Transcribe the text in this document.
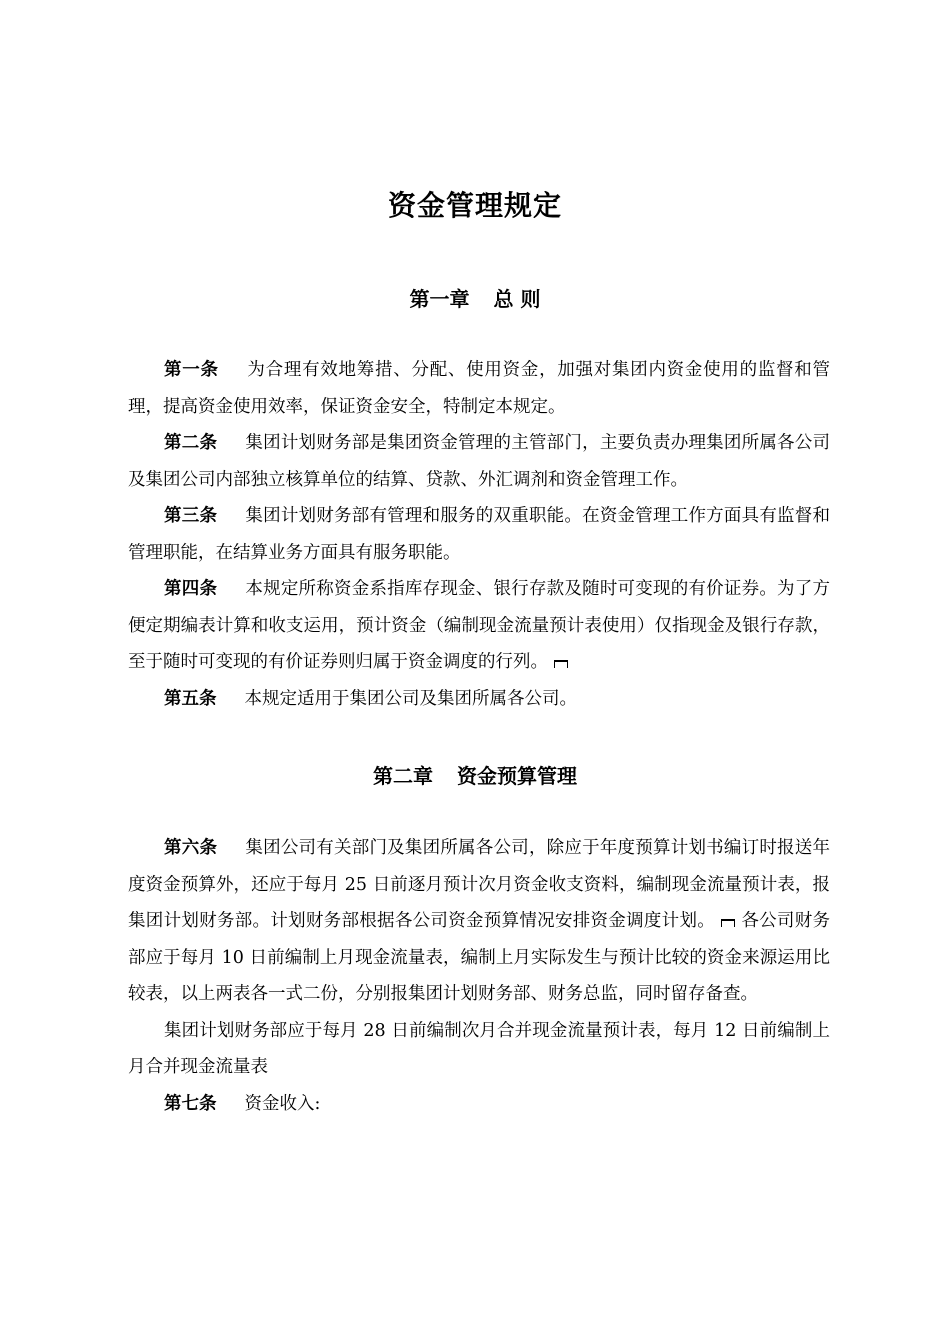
资金管理规定
第一章 总 则

第一条 为合理有效地筹措、分配、使用资金，加强对集团内资金使用的监督和管理，提高资金使用效率，保证资金安全，特制定本规定。

第二条 集团计划财务部是集团资金管理的主管部门，主要负责办理集团所属各公司及集团公司内部独立核算单位的结算、贷款、外汇调剂和资金管理工作。

第三条 集团计划财务部有管理和服务的双重职能。在资金管理工作方面具有监督和管理职能，在结算业务方面具有服务职能。

第四条 本规定所称资金系指库存现金、银行存款及随时可变现的有价证券。为了方便定期编表计算和收支运用，预计资金（编制现金流量预计表使用）仅指现金及银行存款，至于随时可变现的有价证券则归属于资金调度的行列。

第五条 本规定适用于集团公司及集团所属各公司。

第二章 资金预算管理

第六条 集团公司有关部门及集团所属各公司，除应于年度预算计划书编订时报送年度资金预算外，还应于每月 25 日前逐月预计次月资金收支资料，编制现金流量预计表，报集团计划财务部。计划财务部根据各公司资金预算情况安排资金调度计划。 各公司财务部应于每月 10 日前编制上月现金流量表，编制上月实际发生与预计比较的资金来源运用比较表，以上两表各一式二份，分别报集团计划财务部、财务总监，同时留存备查。

集团计划财务部应于每月 28 日前编制次月合并现金流量预计表，每月 12 日前编制上月合并现金流量表

第七条 资金收入:
